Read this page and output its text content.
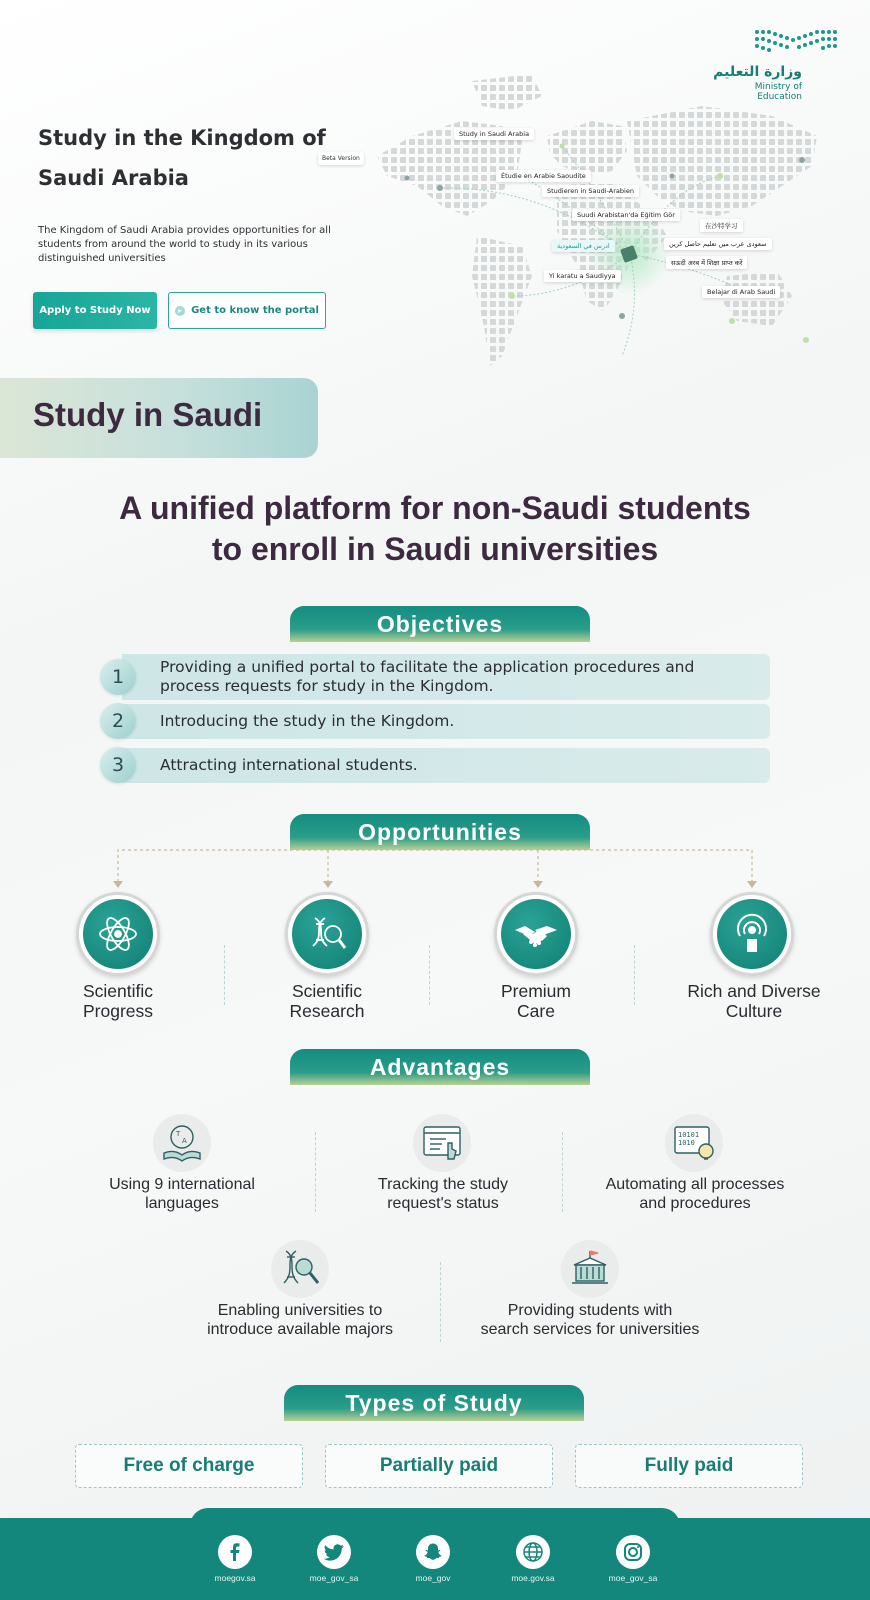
وزارة التعليم
Ministry of Education
Study in the Kingdom of
Saudi Arabia
Beta Version
The Kingdom of Saudi Arabia provides opportunities for all students from around the world to study in its various distinguished universities
Apply to Study Now	▸ Get to know the portal
Study in Saudi Arabia
Étudie en Arabie Saoudite
Studieren in Saudi-Arabien
Suudi Arabistan'da Eğitim Gör
在沙特学习
ادرس في السعودية	سعودی عرب میں تعلیم حاصل کریں
सऊदी अरब में शिक्षा प्राप्त करें
Yi karatu a Saudiyya
Belajar di Arab Saudi
Study in Saudi
A unified platform for non-Saudi students
to enroll in Saudi universities
Objectives
1	Providing a unified portal to facilitate the application procedures and process requests for study in the Kingdom.
2	Introducing the study in the Kingdom.
3	Attracting international students.
Opportunities
Scientific
Progress
Scientific
Research
Premium
Care
Rich and Diverse
Culture
Advantages
T
A
Using 9 international
languages
Tracking the study
request's status
10101
1010
Automating all processes
and procedures
Enabling universities to
introduce available majors
Providing students with
search services for universities
Types of Study
Free of charge	Partially paid	Fully paid
moegov.sa	moe_gov_sa	moe_gov	moe.gov.sa	moe_gov_sa
